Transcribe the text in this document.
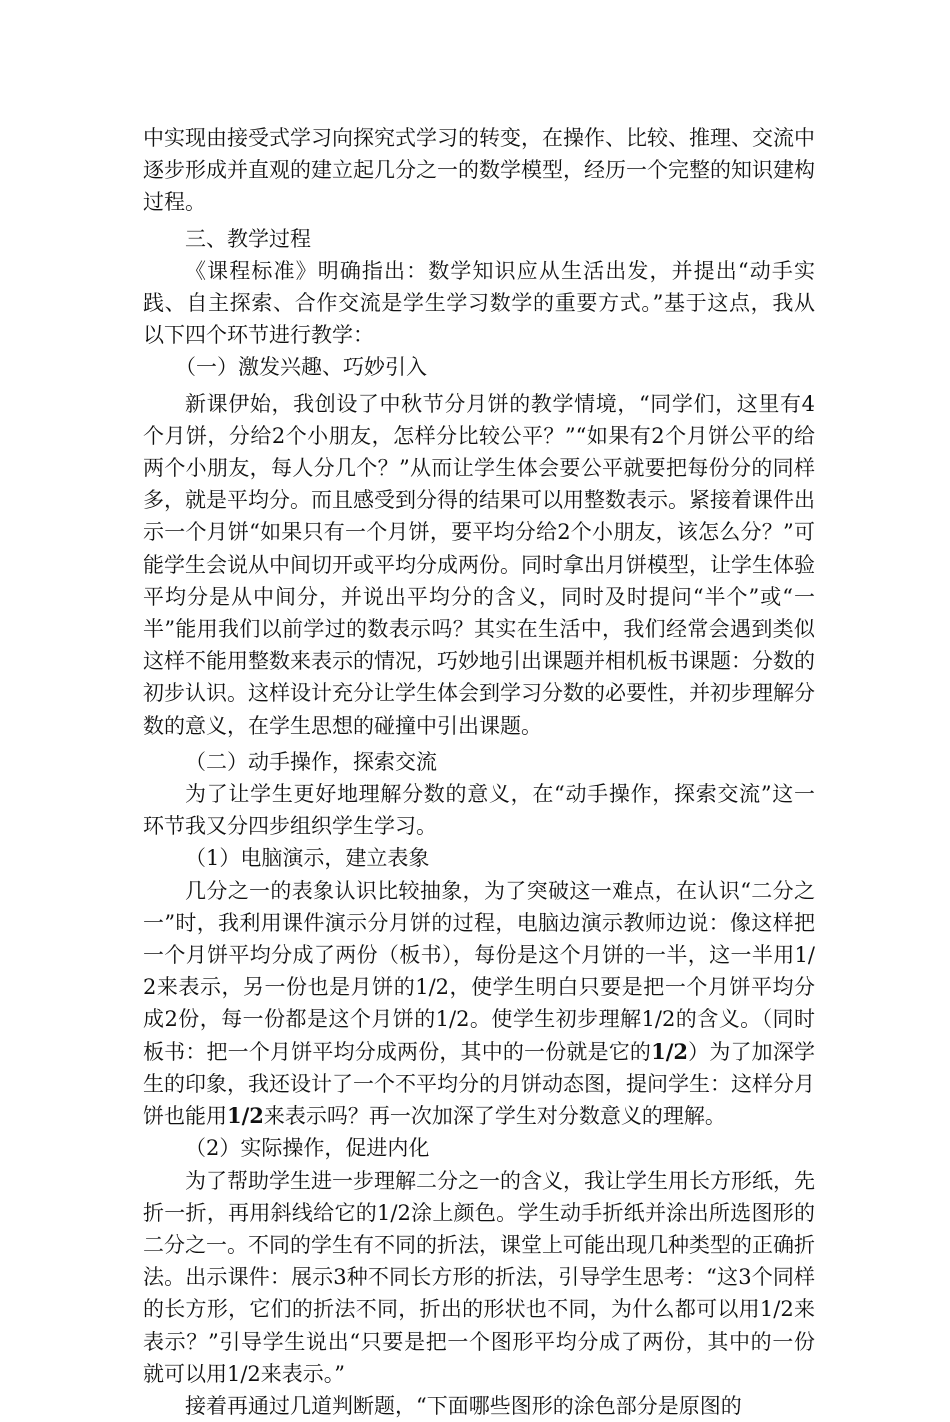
中实现由接受式学习向探究式学习的转变，在操作、比较、推理、交流中逐步形成并直观的建立起几分之一的数学模型，经历一个完整的知识建构过程。

三、教学过程

《课程标准》明确指出：数学知识应从生活出发，并提出“动手实践、自主探索、合作交流是学生学习数学的重要方式。”基于这点，我从以下四个环节进行教学：

（一）激发兴趣、巧妙引入

新课伊始，我创设了中秋节分月饼的教学情境，“同学们，这里有4个月饼，分给2个小朋友，怎样分比较公平？”“如果有2个月饼公平的给两个小朋友，每人分几个？”从而让学生体会要公平就要把每份分的同样多，就是平均分。而且感受到分得的结果可以用整数表示。紧接着课件出示一个月饼“如果只有一个月饼，要平均分给2个小朋友，该怎么分？”可能学生会说从中间切开或平均分成两份。同时拿出月饼模型，让学生体验平均分是从中间分，并说出平均分的含义，同时及时提问“半个”或“一半”能用我们以前学过的数表示吗？其实在生活中，我们经常会遇到类似这样不能用整数来表示的情况，巧妙地引出课题并相机板书课题：分数的初步认识。这样设计充分让学生体会到学习分数的必要性，并初步理解分数的意义，在学生思想的碰撞中引出课题。

（二）动手操作，探索交流

为了让学生更好地理解分数的意义，在“动手操作，探索交流”这一环节我又分四步组织学生学习。

（1）电脑演示，建立表象

几分之一的表象认识比较抽象，为了突破这一难点，在认识“二分之一”时，我利用课件演示分月饼的过程，电脑边演示教师边说：像这样把一个月饼平均分成了两份（板书），每份是这个月饼的一半，这一半用1/2来表示，另一份也是月饼的1/2，使学生明白只要是把一个月饼平均分成2份，每一份都是这个月饼的1/2。使学生初步理解1/2的含义。（同时板书：把一个月饼平均分成两份，其中的一份就是它的1/2）为了加深学生的印象，我还设计了一个不平均分的月饼动态图，提问学生：这样分月饼也能用1/2来表示吗？再一次加深了学生对分数意义的理解。

（2）实际操作，促进内化

为了帮助学生进一步理解二分之一的含义，我让学生用长方形纸，先折一折，再用斜线给它的1/2涂上颜色。学生动手折纸并涂出所选图形的二分之一。不同的学生有不同的折法，课堂上可能出现几种类型的正确折法。出示课件：展示3种不同长方形的折法，引导学生思考：“这3个同样的长方形，它们的折法不同，折出的形状也不同，为什么都可以用1/2来表示？”引导学生说出“只要是把一个图形平均分成了两份，其中的一份就可以用1/2来表示。”

接着再通过几道判断题，“下面哪些图形的涂色部分是原图的
